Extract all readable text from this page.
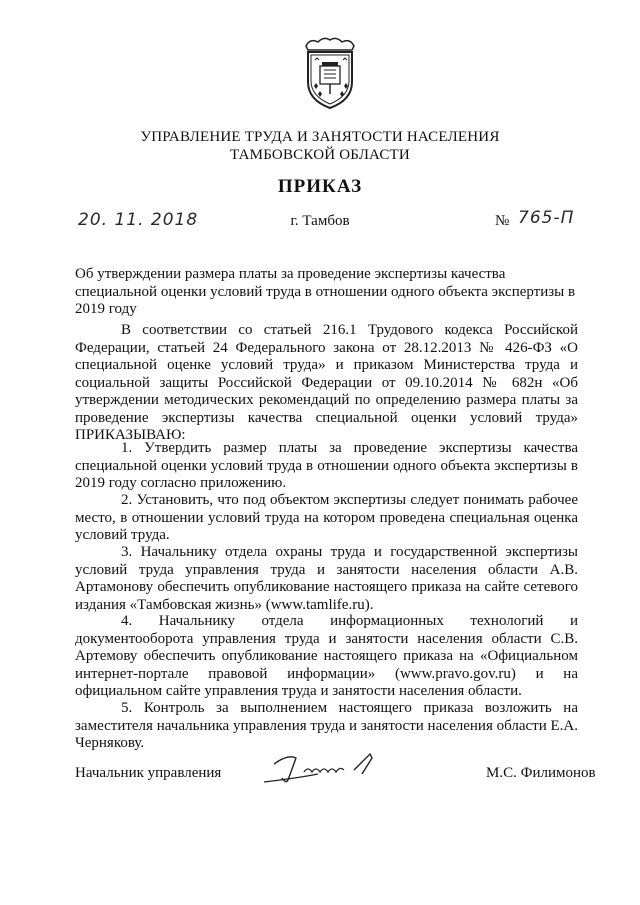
УПРАВЛЕНИЕ ТРУДА И ЗАНЯТОСТИ НАСЕЛЕНИЯ
ТАМБОВСКОЙ ОБЛАСТИ
ПРИКАЗ
20. 11. 2018	г. Тамбов	№ 765-П

Об утверждении размера платы за проведение экспертизы качества специальной оценки условий труда в отношении одного объекта экспертизы в 2019 году

В соответствии со статьей 216.1 Трудового кодекса Российской Федерации, статьей 24 Федерального закона от 28.12.2013 № 426-ФЗ «О специальной оценке условий труда» и приказом Министерства труда и социальной защиты Российской Федерации от 09.10.2014 № 682н «Об утверждении методических рекомендаций по определению размера платы за проведение экспертизы качества специальной оценки условий труда» ПРИКАЗЫВАЮ:

1. Утвердить размер платы за проведение экспертизы качества специальной оценки условий труда в отношении одного объекта экспертизы в 2019 году согласно приложению.

2. Установить, что под объектом экспертизы следует понимать рабочее место, в отношении условий труда на котором проведена специальная оценка условий труда.

3. Начальнику отдела охраны труда и государственной экспертизы условий труда управления труда и занятости населения области А.В. Артамонову обеспечить опубликование настоящего приказа на сайте сетевого издания «Тамбовская жизнь» (www.tamlife.ru).

4. Начальнику отдела информационных технологий и документооборота управления труда и занятости населения области С.В. Артемову обеспечить опубликование настоящего приказа на «Официальном интернет-портале правовой информации» (www.pravo.gov.ru) и на официальном сайте управления труда и занятости населения области.

5. Контроль за выполнением настоящего приказа возложить на заместителя начальника управления труда и занятости населения области Е.А. Чернякову.

Начальник управления	М.С. Филимонов
